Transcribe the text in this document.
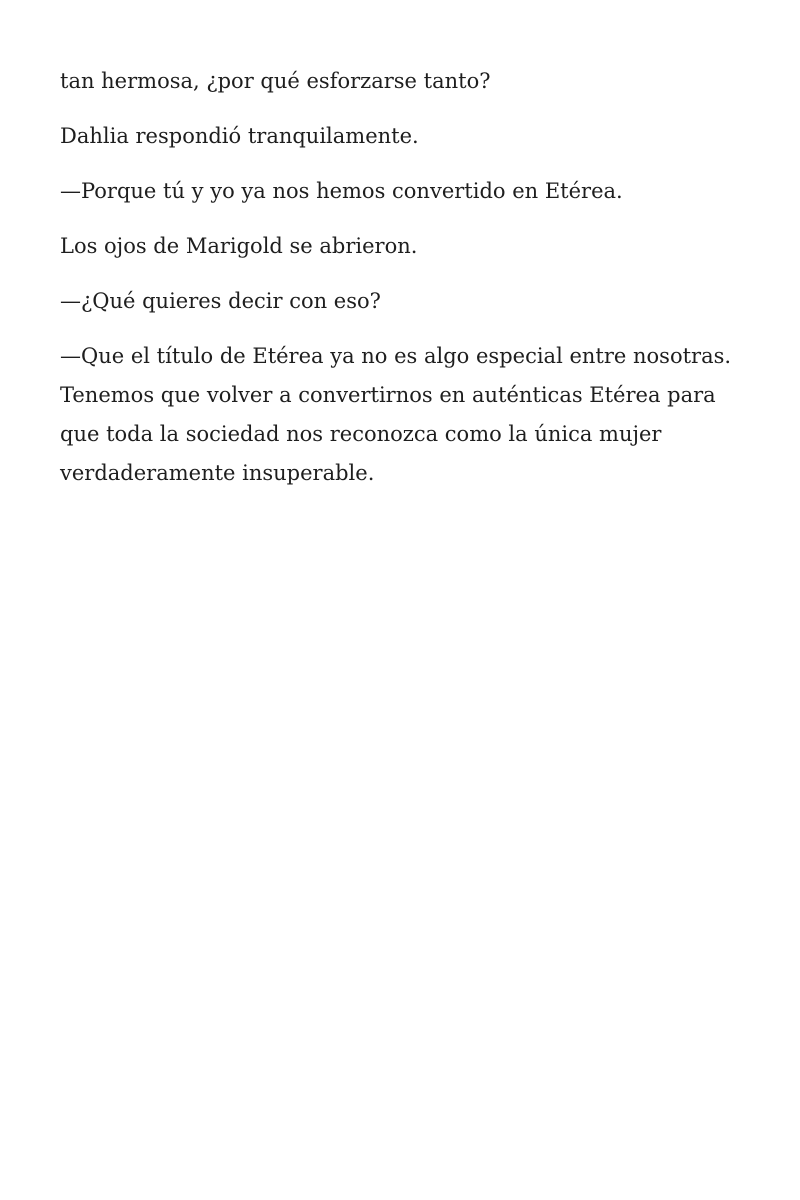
tan hermosa, ¿por qué esforzarse tanto?

Dahlia respondió tranquilamente.

—Porque tú y yo ya nos hemos convertido en Etérea.

Los ojos de Marigold se abrieron.

—¿Qué quieres decir con eso?

—Que el título de Etérea ya no es algo especial entre nosotras. Tenemos que volver a convertirnos en auténticas Etérea para que toda la sociedad nos reconozca como la única mujer verdaderamente insuperable.
